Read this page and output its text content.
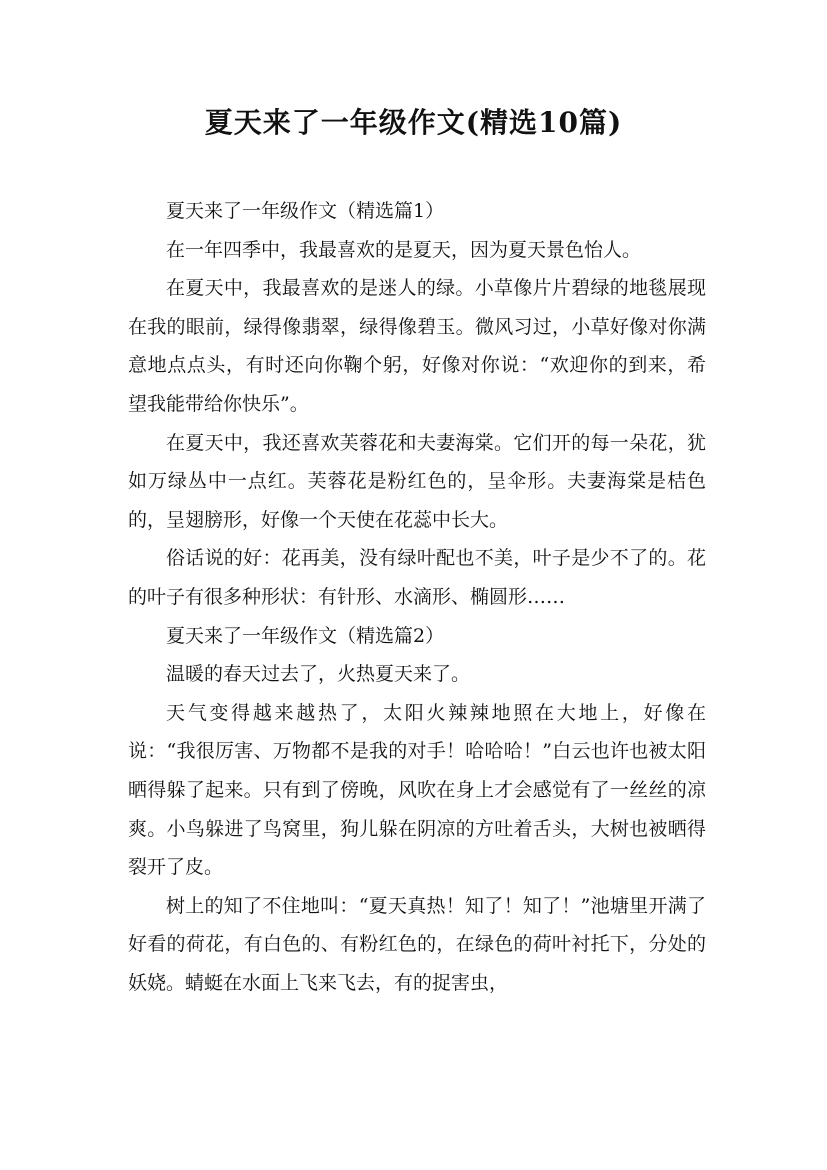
夏天来了一年级作文(精选10篇)

夏天来了一年级作文（精选篇1）

在一年四季中，我最喜欢的是夏天，因为夏天景色怡人。

在夏天中，我最喜欢的是迷人的绿。小草像片片碧绿的地毯展现在我的眼前，绿得像翡翠，绿得像碧玉。微风习过，小草好像对你满意地点点头，有时还向你鞠个躬，好像对你说：“欢迎你的到来，希望我能带给你快乐”。

在夏天中，我还喜欢芙蓉花和夫妻海棠。它们开的每一朵花，犹如万绿丛中一点红。芙蓉花是粉红色的，呈伞形。夫妻海棠是桔色的，呈翅膀形，好像一个天使在花蕊中长大。

俗话说的好：花再美，没有绿叶配也不美，叶子是少不了的。花的叶子有很多种形状：有针形、水滴形、椭圆形……

夏天来了一年级作文（精选篇2）

温暖的春天过去了，火热夏天来了。

天气变得越来越热了，太阳火辣辣地照在大地上，好像在说：“我很厉害、万物都不是我的对手！哈哈哈！”白云也许也被太阳晒得躲了起来。只有到了傍晚，风吹在身上才会感觉有了一丝丝的凉爽。小鸟躲进了鸟窝里，狗儿躲在阴凉的方吐着舌头，大树也被晒得裂开了皮。

树上的知了不住地叫：“夏天真热！知了！知了！”池塘里开满了好看的荷花，有白色的、有粉红色的，在绿色的荷叶衬托下，分处的妖娆。蜻蜓在水面上飞来飞去，有的捉害虫，
